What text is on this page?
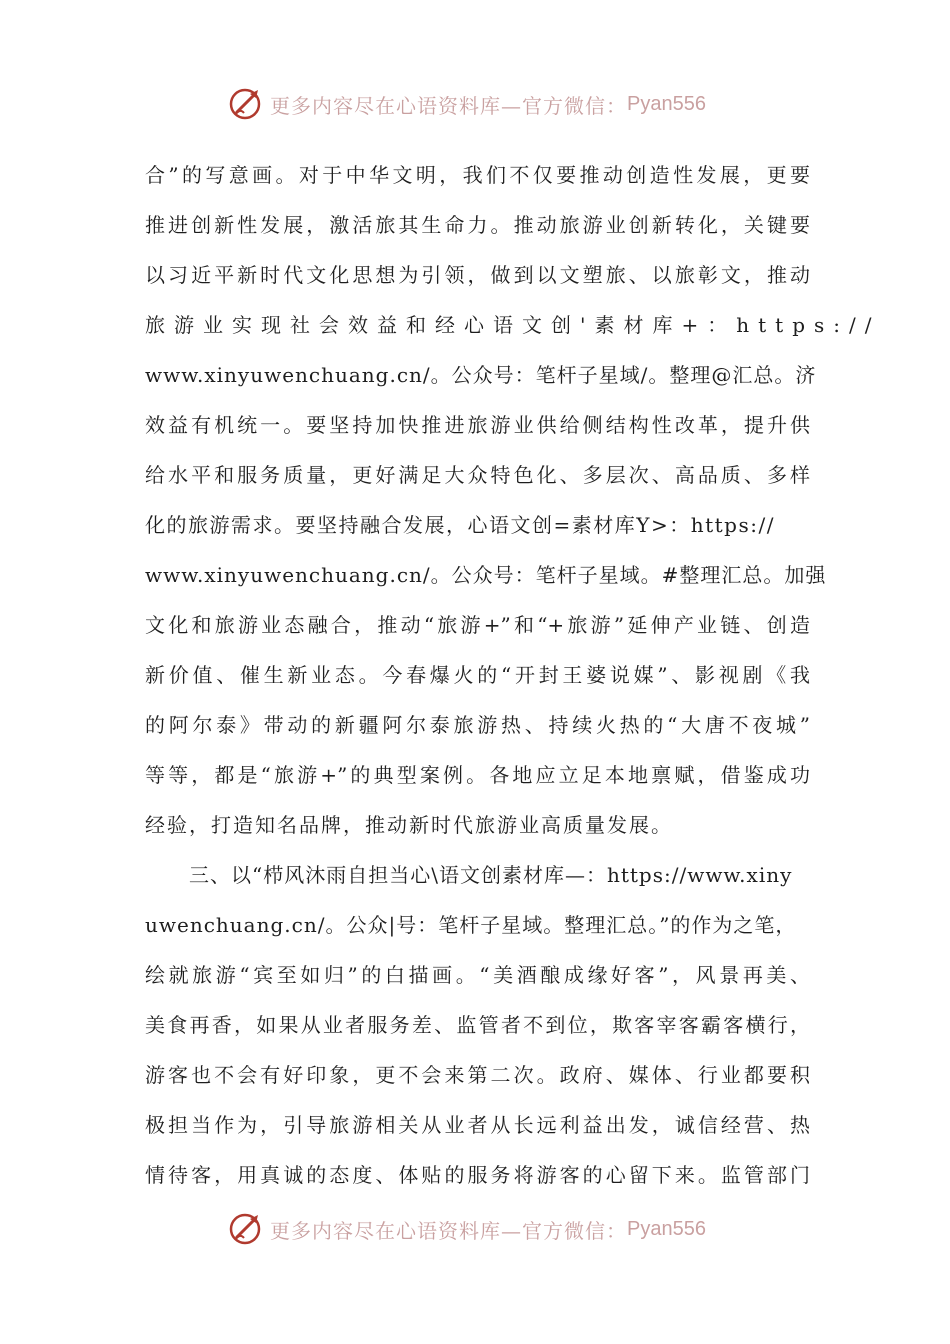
更多内容尽在心语资料库—官方微信： Pyan556
合”的写意画。对于中华文明，我们不仅要推动创造性发展，更要
推进创新性发展，激活旅其生命力。推动旅游业创新转化，关键要
以习近平新时代文化思想为引领，做到以文塑旅、以旅彰文，推动
旅游业实现社会效益和经心语文创'素材库+：https://
www.xinyuwenchuang.cn/。公众号：笔杆子星域/。整理@汇总。济
效益有机统一。要坚持加快推进旅游业供给侧结构性改革，提升供
给水平和服务质量，更好满足大众特色化、多层次、高品质、多样
化的旅游需求。要坚持融合发展，心语文创=素材库Y>：https://
www.xinyuwenchuang.cn/。公众号：笔杆子星域。#整理汇总。加强
文化和旅游业态融合，推动“旅游+”和“+旅游”延伸产业链、创造
新价值、催生新业态。今春爆火的“开封王婆说媒”、影视剧《我
的阿尔泰》带动的新疆阿尔泰旅游热、持续火热的“大唐不夜城”
等等，都是“旅游+”的典型案例。各地应立足本地禀赋，借鉴成功
经验，打造知名品牌，推动新时代旅游业高质量发展。
三、以“栉风沐雨自担当心\语文创素材库—：https://www.xiny
uwenchuang.cn/。公众|号：笔杆子星域。整理汇总。”的作为之笔，
绘就旅游“宾至如归”的白描画。“美酒酿成缘好客”，风景再美、
美食再香，如果从业者服务差、监管者不到位，欺客宰客霸客横行，
游客也不会有好印象，更不会来第二次。政府、媒体、行业都要积
极担当作为，引导旅游相关从业者从长远利益出发，诚信经营、热
情待客，用真诚的态度、体贴的服务将游客的心留下来。监管部门
更多内容尽在心语资料库—官方微信： Pyan556
